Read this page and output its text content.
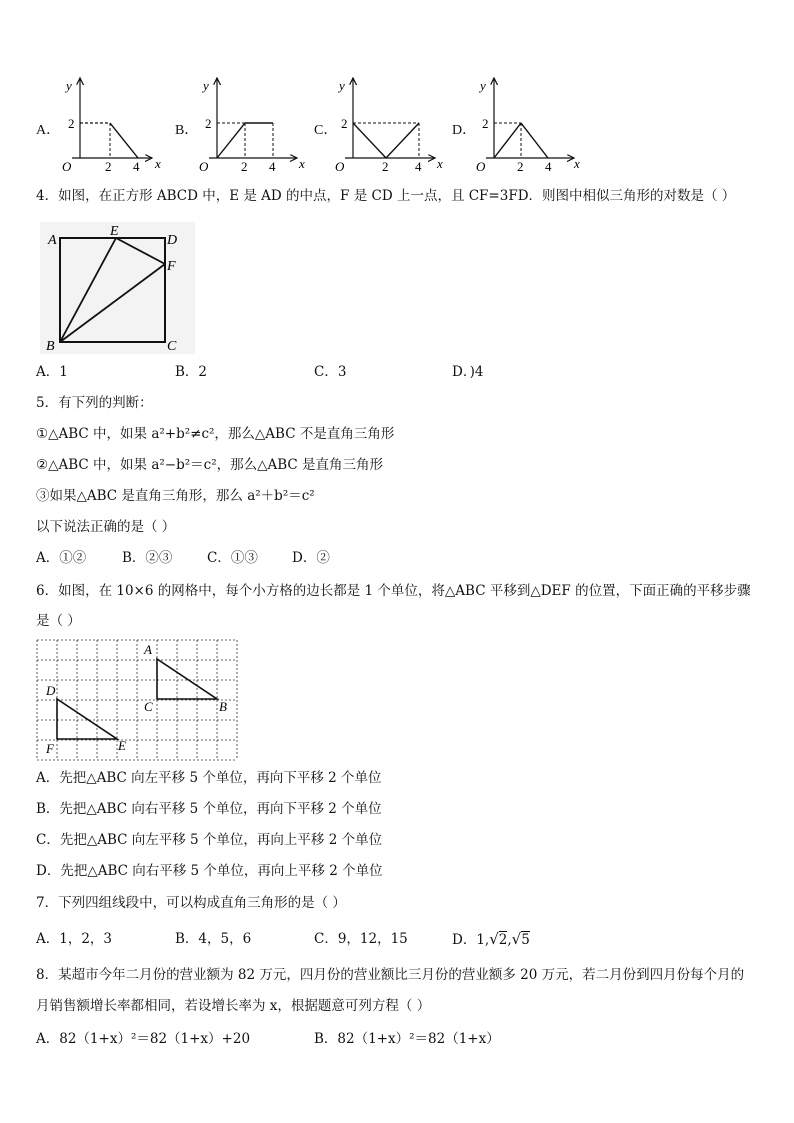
A．	B．	C．	D．
y
2
O	2 4 x
y
2
O	2 4 x
y
2
O	2 4 x
y
2
O 2 4 x
4．如图，在正方形 ABCD 中，E 是 AD 的中点，F 是 CD 上一点，且 CF=3FD．则图中相似三角形的对数是（ ）
A
E
D
F
B	C
A．1	B．2	C．3	D．)4
5．有下列的判断：
①△ABC 中，如果 a²+b²≠c²，那么△ABC 不是直角三角形
②△ABC 中，如果 a²−b²＝c²，那么△ABC 是直角三角形
③如果△ABC 是直角三角形，那么 a²＋b²＝c²
以下说法正确的是（ ）
A．①②	B．②③	C．①③	D．②
6．如图，在 10×6 的网格中，每个小方格的边长都是 1 个单位，将△ABC 平移到△DEF 的位置，下面正确的平移步骤
是（ ）
A
B
C
D
E
F
A．先把△ABC 向左平移 5 个单位，再向下平移 2 个单位
B．先把△ABC 向右平移 5 个单位，再向下平移 2 个单位
C．先把△ABC 向左平移 5 个单位，再向上平移 2 个单位
D．先把△ABC 向右平移 5 个单位，再向上平移 2 个单位
7．下列四组线段中，可以构成直角三角形的是（ ）
A．1，2，3	B．4，5，6	C．9，12，15	D．1,√2,√5
8．某超市今年二月份的营业额为 82 万元，四月份的营业额比三月份的营业额多 20 万元，若二月份到四月份每个月的
月销售额增长率都相同，若设增长率为 x，根据题意可列方程（ ）
A．82（1+x）²＝82（1+x）+20	B．82（1+x）²＝82（1+x）
